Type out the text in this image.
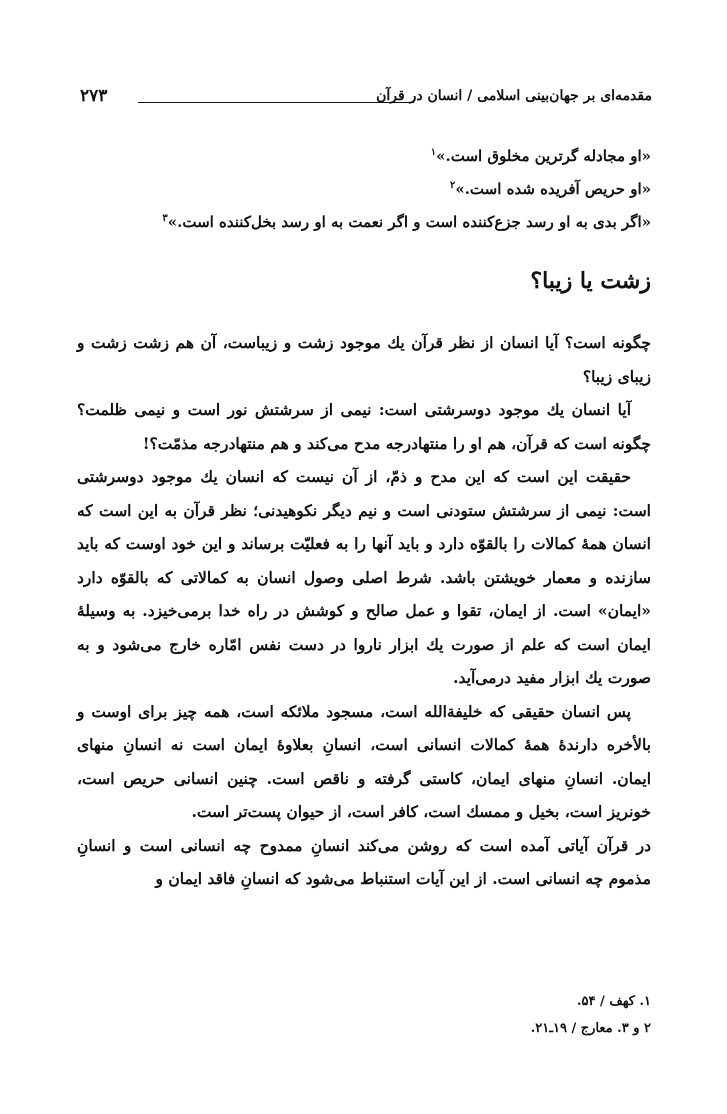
مقدمه‌ای بر جهان‌بینی اسلامی / انسان در قرآن
۲۷۳
«او مجادله گرترین مخلوق است.»$^۱$
«او حریص آفریده شده است.»$^۲$
«اگر بدی به او رسد جزع‌کننده است و اگر نعمت به او رسد بخل‌کننده است.»$^۳$
زشت یا زیبا؟

چگونه است؟ آیا انسان از نظر قرآن یك موجود زشت و زیباست، آن هم زشت زشت و زیبای زیبا؟

آیا انسان یك موجود دوسرشتی است: نیمی از سرشتش نور است و نیمی ظلمت؟ چگونه است که قرآن، هم او را منتهادرجه مدح می‌کند و هم منتهادرجه مذمّت؟!

حقیقت این است که این مدح و ذمّ، از آن نیست که انسان یك موجود دوسرشتی است: نیمی از سرشتش ستودنی است و نیم دیگر نکوهیدنی؛ نظر قرآن به این است که انسان همهٔ کمالات را بالقوّه دارد و باید آنها را به فعلیّت برساند و این خود اوست که باید سازنده و معمار خویشتن باشد. شرط اصلی وصول انسان به کمالاتی که بالقوّه دارد «ایمان» است. از ایمان، تقوا و عمل صالح و کوشش در راه خدا برمی‌خیزد. به وسیلهٔ ایمان است که علم از صورت یك ابزار ناروا در دست نفس امّاره خارج می‌شود و به صورت یك ابزار مفید درمی‌آید.

پس انسان حقیقی که خلیفة‌الله است، مسجود ملائکه است، همه چیز برای اوست و بالأخره دارندهٔ همهٔ کمالات انسانی است، انسانِ بعلاوهٔ ایمان است نه انسانِ منهای ایمان. انسانِ منهای ایمان، کاستی گرفته و ناقص است. چنین انسانی حریص است، خونریز است، بخیل و ممسك است، کافر است، از حیوان پست‌تر است.

در قرآن آیاتی آمده است که روشن می‌کند انسانِ ممدوح چه انسانی است و انسانِ مذموم چه انسانی است. از این آیات استنباط می‌شود که انسانِ فاقد ایمان و

۱. کهف / ۵۴.
۲ و ۳. معارج / ۱۹ـ۲۱.
